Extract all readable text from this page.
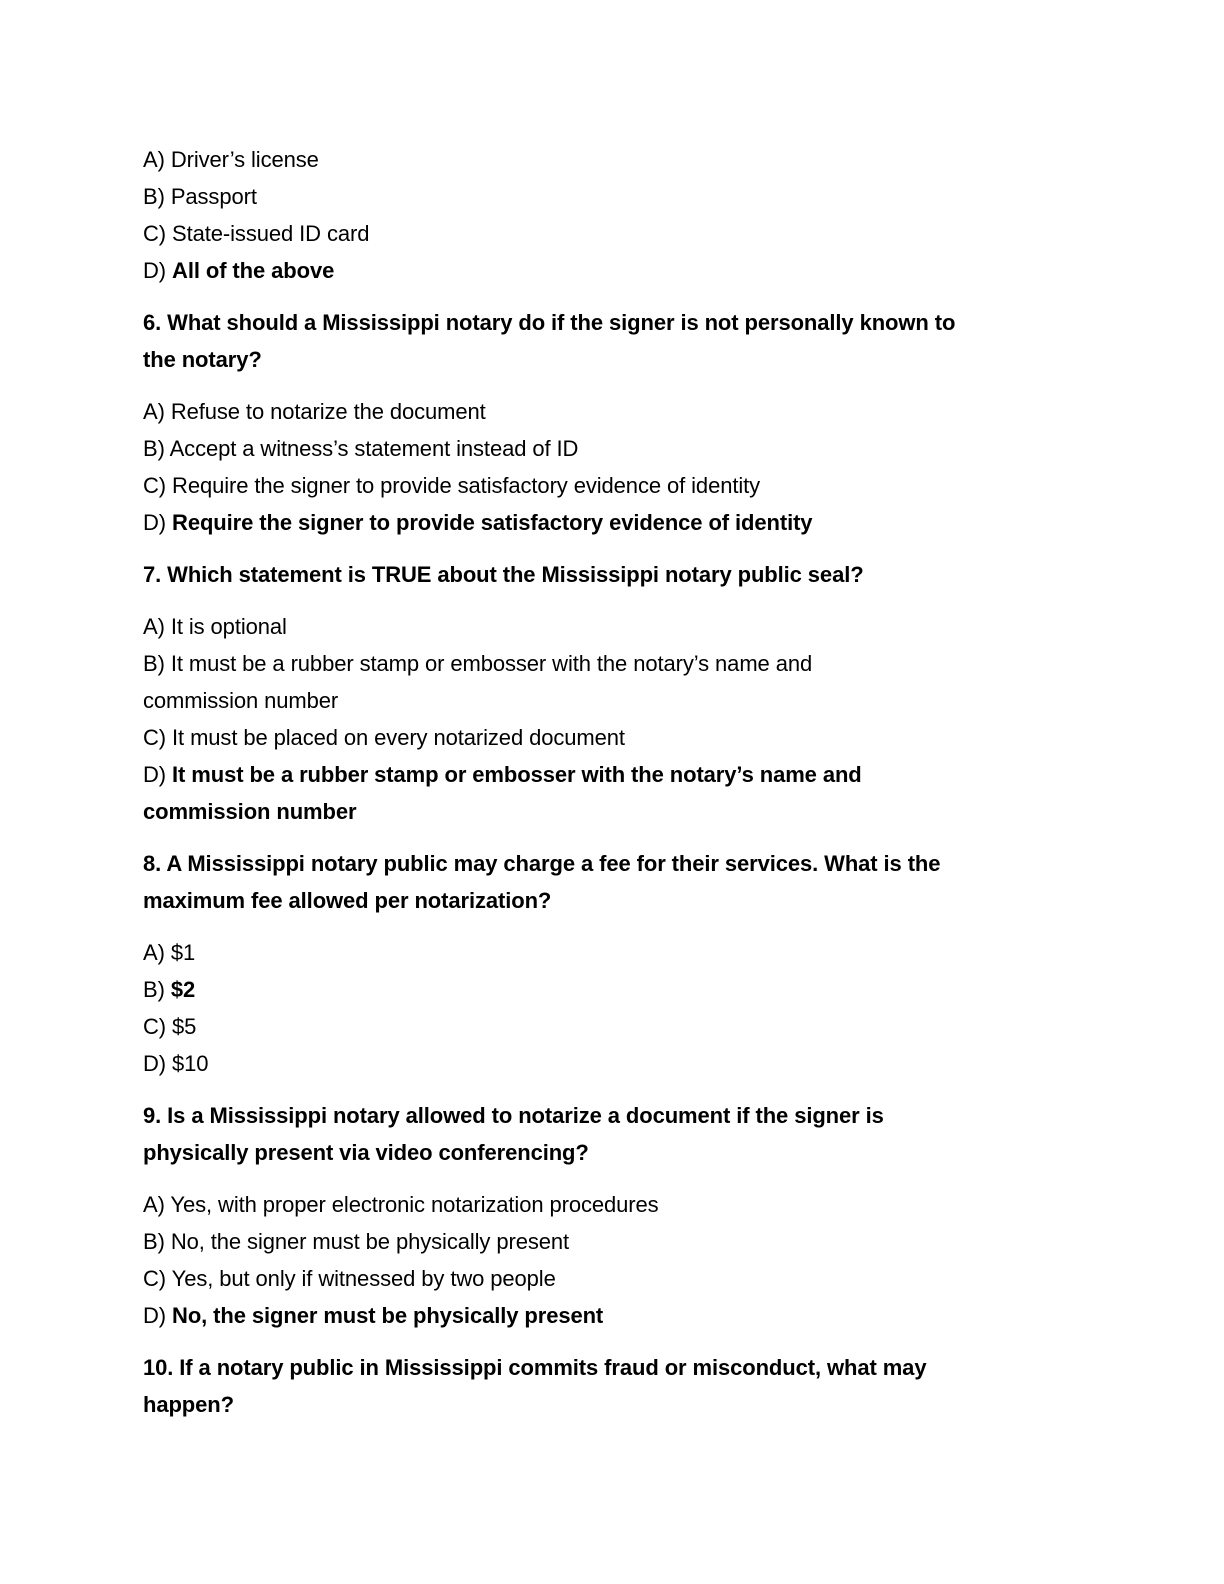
A) Driver’s license
B) Passport
C) State-issued ID card
D) All of the above
6. What should a Mississippi notary do if the signer is not personally known to
the notary?
A) Refuse to notarize the document
B) Accept a witness’s statement instead of ID
C) Require the signer to provide satisfactory evidence of identity
D) Require the signer to provide satisfactory evidence of identity
7. Which statement is TRUE about the Mississippi notary public seal?
A) It is optional
B) It must be a rubber stamp or embosser with the notary’s name and
commission number
C) It must be placed on every notarized document
D) It must be a rubber stamp or embosser with the notary’s name and
commission number
8. A Mississippi notary public may charge a fee for their services. What is the
maximum fee allowed per notarization?
A) $1
B) $2
C) $5
D) $10
9. Is a Mississippi notary allowed to notarize a document if the signer is
physically present via video conferencing?
A) Yes, with proper electronic notarization procedures
B) No, the signer must be physically present
C) Yes, but only if witnessed by two people
D) No, the signer must be physically present
10. If a notary public in Mississippi commits fraud or misconduct, what may
happen?
